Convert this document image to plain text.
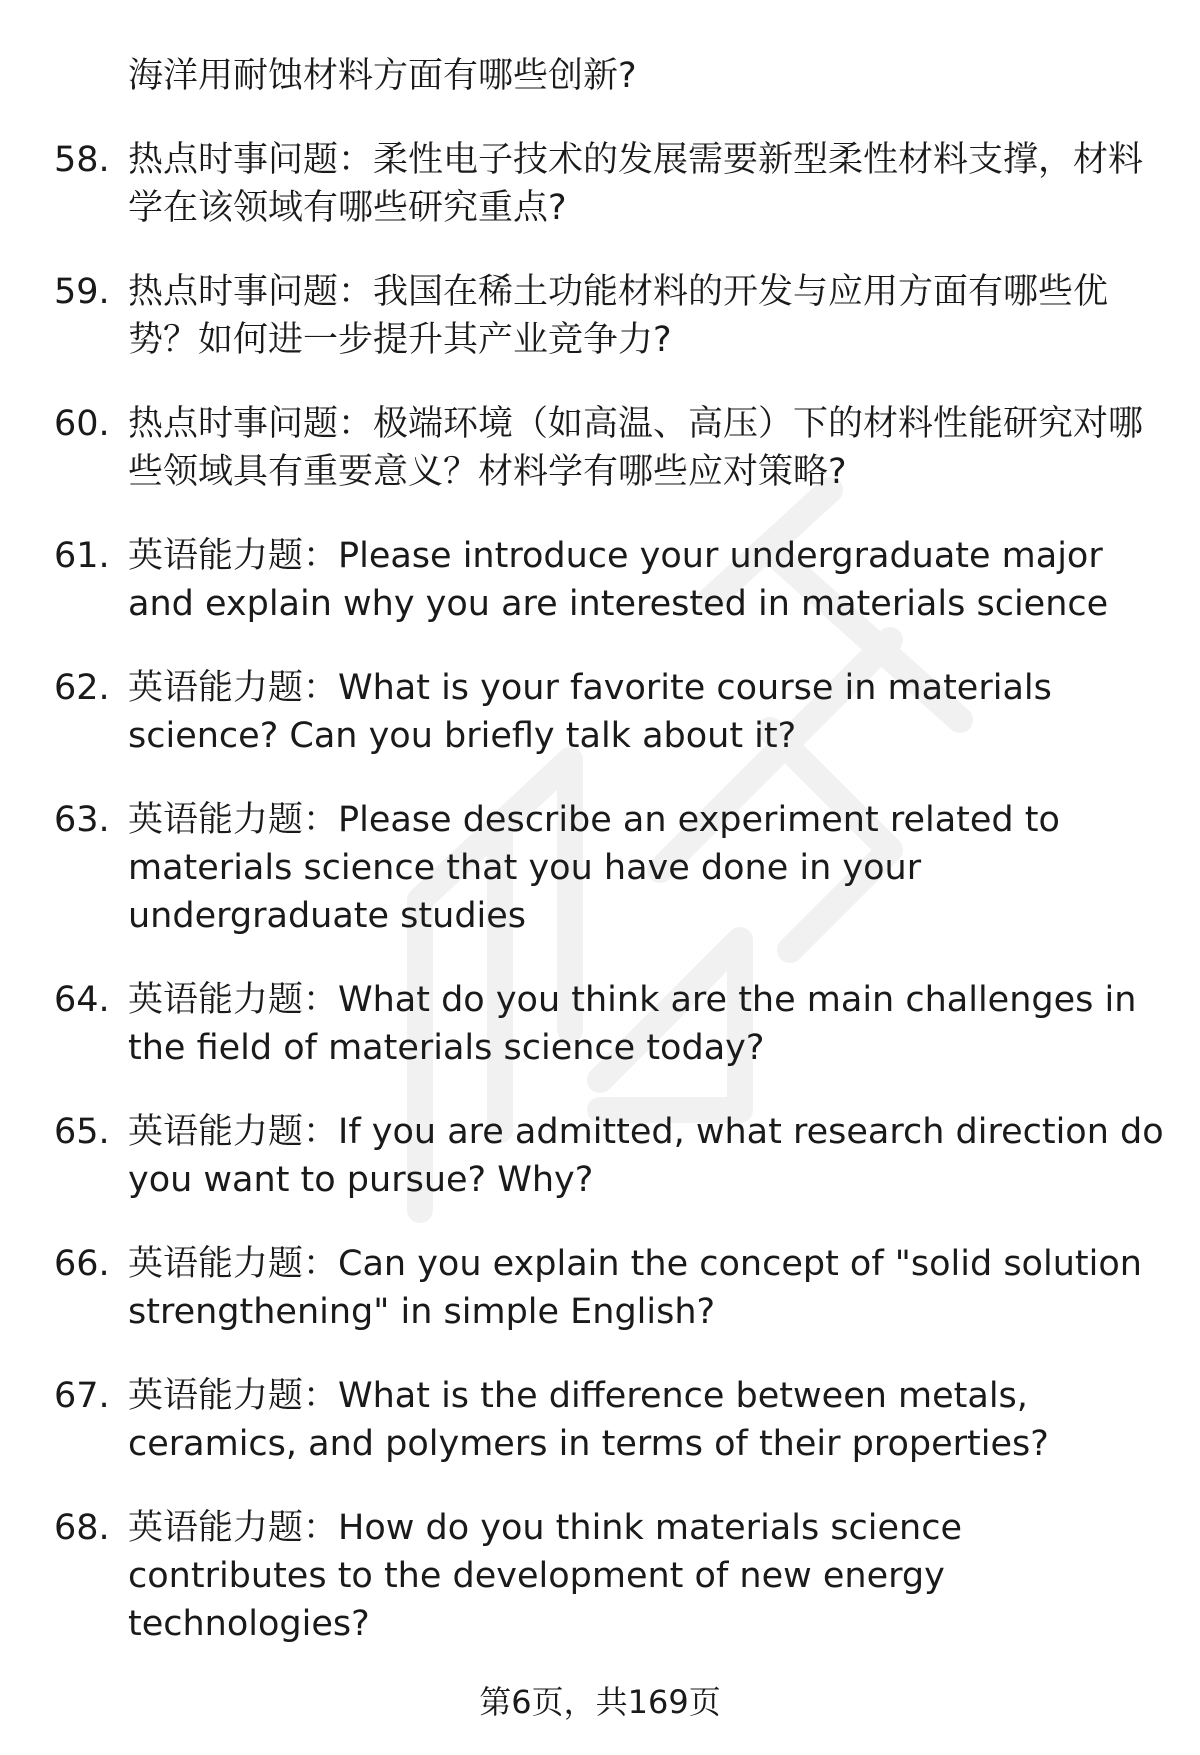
海洋用耐蚀材料方面有哪些创新?
58. 热点时事问题：柔性电子技术的发展需要新型柔性材料支撑，材料学在该领域有哪些研究重点?
59. 热点时事问题：我国在稀土功能材料的开发与应用方面有哪些优势？如何进一步提升其产业竞争力?
60. 热点时事问题：极端环境（如高温、高压）下的材料性能研究对哪些领域具有重要意义？材料学有哪些应对策略?
61. 英语能力题：Please introduce your undergraduate major and explain why you are interested in materials science
62. 英语能力题：What is your favorite course in materials science? Can you briefly talk about it?
63. 英语能力题：Please describe an experiment related to materials science that you have done in your undergraduate studies
64. 英语能力题：What do you think are the main challenges in the field of materials science today?
65. 英语能力题：If you are admitted, what research direction do you want to pursue? Why?
66. 英语能力题：Can you explain the concept of "solid solution strengthening" in simple English?
67. 英语能力题：What is the difference between metals, ceramics, and polymers in terms of their properties?
68. 英语能力题：How do you think materials science contributes to the development of new energy technologies?
第6页，共169页
